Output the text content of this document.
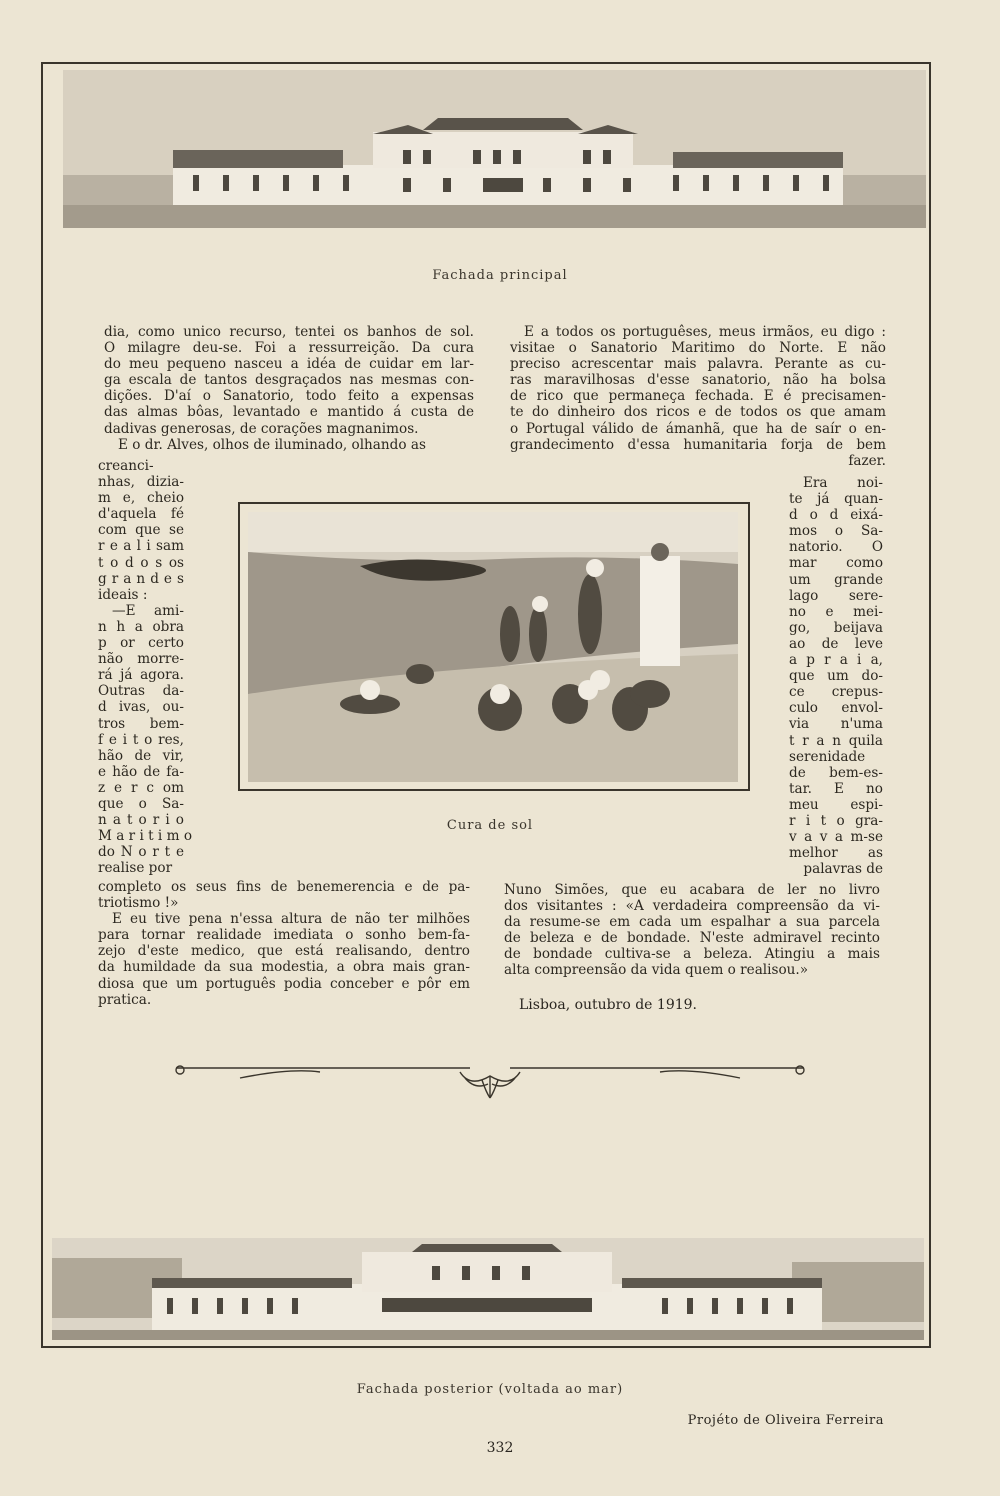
Fachada principal
dia, como unico recurso, tentei os banhos de sol.
O milagre deu-se. Foi a ressurreição. Da cura
do meu pequeno nasceu a idéa de cuidar em lar-
ga escala de tantos desgraçados nas mesmas con-
dições. D'aí o Sanatorio, todo feito a expensas
das almas bôas, levantado e mantido á custa de
dadivas generosas, de corações magnanimos.
E o dr. Alves, olhos de iluminado, olhando as
creanci-
nhas, dizia-
m e, cheio
d'aquela fé
com que se
r e a l i sam
t o d o s os
g r a n d e s
ideais :
—E ami-
n h a obra
p or certo
não morre-
rá já agora.
Outras da-
d ivas, ou-
tros bem-
f e i t o res,
hão de vir,
e hão de fa-
z e r c om
que o Sa-
n a t o r i o
M a r i t i m o
do N o r t e
realise por
completo os seus fins de benemerencia e de pa-
triotismo !»
E eu tive pena n'essa altura de não ter milhões
para tornar realidade imediata o sonho bem-fa-
zejo d'este medico, que está realisando, dentro
da humildade da sua modestia, a obra mais gran-
diosa que um português podia conceber e pôr em
pratica.
E a todos os portuguêses, meus irmãos, eu digo :
visitae o Sanatorio Maritimo do Norte. E não
preciso acrescentar mais palavra. Perante as cu-
ras maravilhosas d'esse sanatorio, não ha bolsa
de rico que permaneça fechada. E é precisamen-
te do dinheiro dos ricos e de todos os que amam
o Portugal válido de ámanhã, que ha de saír o en-
grandecimento d'essa humanitaria forja de bem
fazer.
Era noi-
te já quan-
d o d eixá-
mos o Sa-
natorio. O
mar como
um grande
lago sere-
no e mei-
go, beijava
ao de leve
a p r a i a,
que um do-
ce crepus-
culo envol-
via n'uma
t r a n quila
serenidade
de bem-es-
tar. E no
meu espi-
r i t o gra-
v a v a m-se
melhor as
palavras de
Nuno Simões, que eu acabara de ler no livro
dos visitantes : «A verdadeira compreensão da vi-
da resume-se em cada um espalhar a sua parcela
de beleza e de bondade. N'este admiravel recinto
de bondade cultiva-se a beleza. Atingiu a mais
alta compreensão da vida quem o realisou.»
Lisboa, outubro de 1919.
Cura de sol
Fachada posterior (voltada ao mar)
Projéto de Oliveira Ferreira
332
